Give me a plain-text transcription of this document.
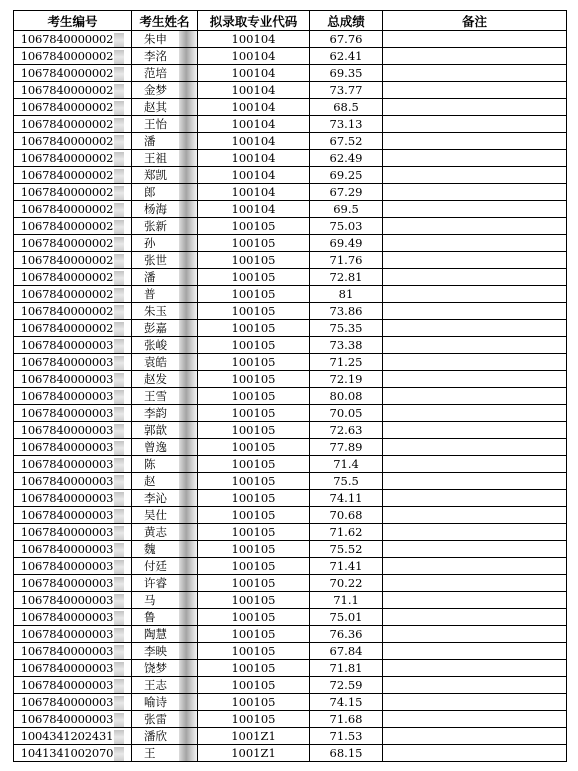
考生编号	考生姓名	拟录取专业代码	总成绩	备注
1067840000002	朱申	100104	67.76	
1067840000002	李洺	100104	62.41	
1067840000002	范培	100104	69.35	
1067840000002	金梦	100104	73.77	
1067840000002	赵其	100104	68.5	
1067840000002	王怡	100104	73.13	
1067840000002	潘	100104	67.52	
1067840000002	王祖	100104	62.49	
1067840000002	郑凯	100104	69.25	
1067840000002	郎	100104	67.29	
1067840000002	杨海	100104	69.5	
1067840000002	张新	100105	75.03	
1067840000002	孙	100105	69.49	
1067840000002	张世	100105	71.76	
1067840000002	潘	100105	72.81	
1067840000002	普	100105	81	
1067840000002	朱玉	100105	73.86	
1067840000002	彭嘉	100105	75.35	
1067840000003	张峻	100105	73.38	
1067840000003	袁皓	100105	71.25	
1067840000003	赵发	100105	72.19	
1067840000003	王雪	100105	80.08	
1067840000003	李韵	100105	70.05	
1067840000003	郭歆	100105	72.63	
1067840000003	曾逸	100105	77.89	
1067840000003	陈	100105	71.4	
1067840000003	赵	100105	75.5	
1067840000003	李沁	100105	74.11	
1067840000003	吴仕	100105	70.68	
1067840000003	黄志	100105	71.62	
1067840000003	魏	100105	75.52	
1067840000003	付廷	100105	71.41	
1067840000003	许睿	100105	70.22	
1067840000003	马	100105	71.1	
1067840000003	鲁	100105	75.01	
1067840000003	陶慧	100105	76.36	
1067840000003	李映	100105	67.84	
1067840000003	饶梦	100105	71.81	
1067840000003	王志	100105	72.59	
1067840000003	喻诗	100105	74.15	
1067840000003	张雷	100105	71.68	
1004341202431	潘欣	1001Z1	71.53	
1041341002070	王	1001Z1	68.15	
